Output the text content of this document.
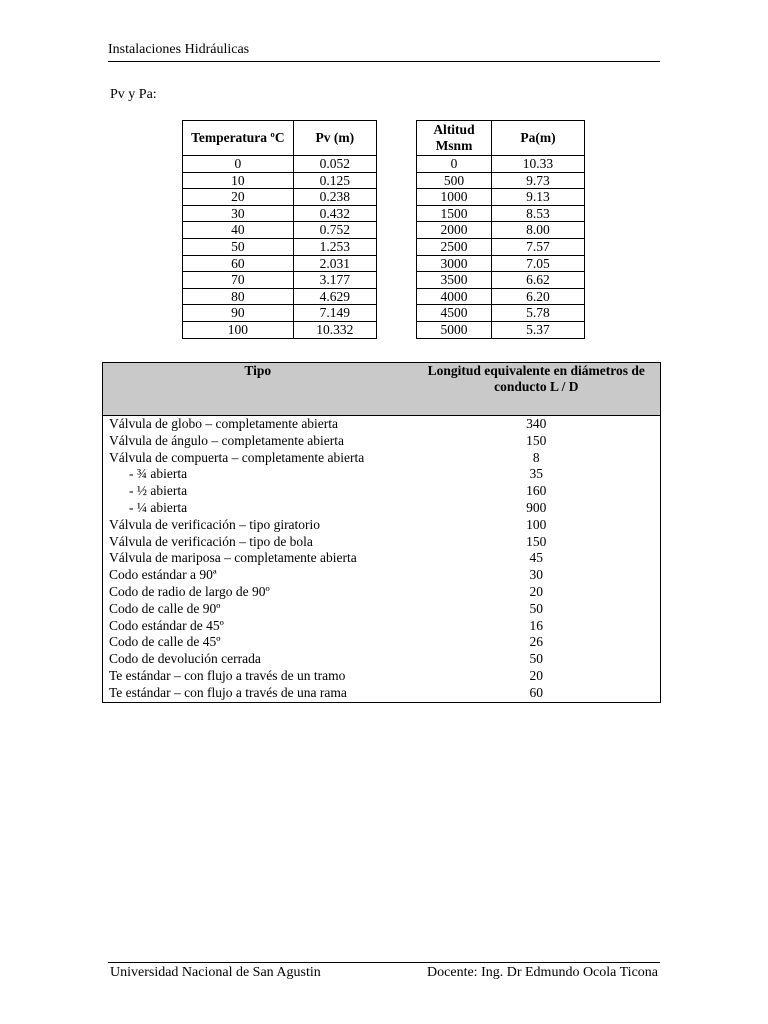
Instalaciones Hidráulicas
Pv y Pa:
Temperatura ºC	Pv (m)
0	0.052
10	0.125
20	0.238
30	0.432
40	0.752
50	1.253
60	2.031
70	3.177
80	4.629
90	7.149
100	10.332
Altitud Msnm	Pa(m)
0	10.33
500	9.73
1000	9.13
1500	8.53
2000	8.00
2500	7.57
3000	7.05
3500	6.62
4000	6.20
4500	5.78
5000	5.37
Tipo	Longitud equivalente en diámetros de conducto L / D
Válvula de globo – completamente abierta	340
Válvula de ángulo – completamente abierta	150
Válvula de compuerta – completamente abierta	8
- ¾ abierta	35
- ½ abierta	160
- ¼ abierta	900
Válvula de verificación – tipo giratorio	100
Válvula de verificación – tipo de bola	150
Válvula de mariposa – completamente abierta	45
Codo estándar a 90ª	30
Codo de radio de largo de 90º	20
Codo de calle de 90º	50
Codo estándar de 45º	16
Codo de calle de 45º	26
Codo de devolución cerrada	50
Te estándar – con flujo a través de un tramo	20
Te estándar – con flujo a través de una rama	60
Universidad Nacional de San Agustin	Docente: Ing. Dr Edmundo Ocola Ticona
